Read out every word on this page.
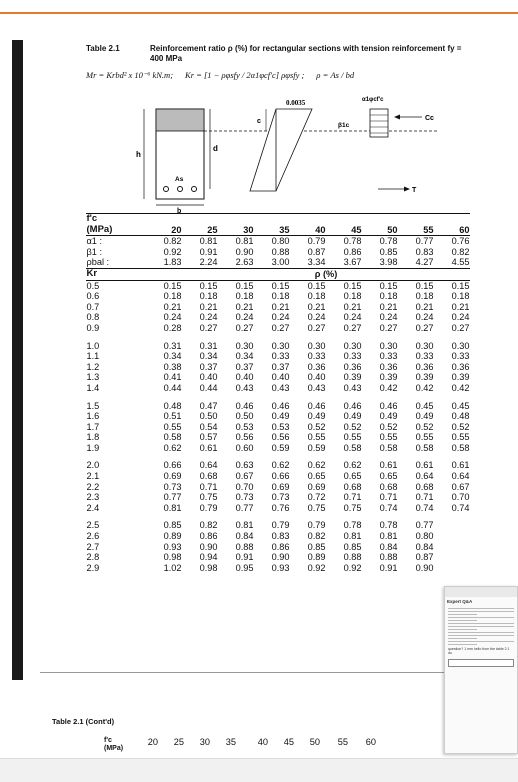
Table 2.1	Reinforcement ratio ρ (%) for rectangular sections with tension reinforcement fy = 400 MPa
Mr = Krbd² x 10⁻⁶ kN.m; Kr = [1 − ρφsfy / 2α1φcf'c] ρφsfy ; ρ = As / bd
h
d
As
b
0.0035
c
α1φcf'c
β1c
Cc
T
f'c									
(MPa)	20	25	30	35	40	45	50	55	60
α1 :	0.82	0.81	0.81	0.80	0.79	0.78	0.78	0.77	0.76
β1 :	0.92	0.91	0.90	0.88	0.87	0.86	0.85	0.83	0.82
ρbal :	1.83	2.24	2.63	3.00	3.34	3.67	3.98	4.27	4.55
Kr					ρ (%)				
0.5	0.15	0.15	0.15	0.15	0.15	0.15	0.15	0.15	0.15
0.6	0.18	0.18	0.18	0.18	0.18	0.18	0.18	0.18	0.18
0.7	0.21	0.21	0.21	0.21	0.21	0.21	0.21	0.21	0.21
0.8	0.24	0.24	0.24	0.24	0.24	0.24	0.24	0.24	0.24
0.9	0.28	0.27	0.27	0.27	0.27	0.27	0.27	0.27	0.27

1.0	0.31	0.31	0.30	0.30	0.30	0.30	0.30	0.30	0.30
1.1	0.34	0.34	0.34	0.33	0.33	0.33	0.33	0.33	0.33
1.2	0.38	0.37	0.37	0.37	0.36	0.36	0.36	0.36	0.36
1.3	0.41	0.40	0.40	0.40	0.40	0.39	0.39	0.39	0.39
1.4	0.44	0.44	0.43	0.43	0.43	0.43	0.42	0.42	0.42

1.5	0.48	0.47	0.46	0.46	0.46	0.46	0.46	0.45	0.45
1.6	0.51	0.50	0.50	0.49	0.49	0.49	0.49	0.49	0.48
1.7	0.55	0.54	0.53	0.53	0.52	0.52	0.52	0.52	0.52
1.8	0.58	0.57	0.56	0.56	0.55	0.55	0.55	0.55	0.55
1.9	0.62	0.61	0.60	0.59	0.59	0.58	0.58	0.58	0.58

2.0	0.66	0.64	0.63	0.62	0.62	0.62	0.61	0.61	0.61
2.1	0.69	0.68	0.67	0.66	0.65	0.65	0.65	0.64	0.64
2.2	0.73	0.71	0.70	0.69	0.69	0.68	0.68	0.68	0.67
2.3	0.77	0.75	0.73	0.73	0.72	0.71	0.71	0.71	0.70
2.4	0.81	0.79	0.77	0.76	0.75	0.75	0.74	0.74	0.74

2.5	0.85	0.82	0.81	0.79	0.79	0.78	0.78	0.77	
2.6	0.89	0.86	0.84	0.83	0.82	0.81	0.81	0.80	
2.7	0.93	0.90	0.88	0.86	0.85	0.85	0.84	0.84	
2.8	0.98	0.94	0.91	0.90	0.89	0.88	0.88	0.87	
2.9	1.02	0.98	0.95	0.93	0.92	0.92	0.91	0.90	
Table 2.1 (Cont'd)
f'c
(MPa)
20	25	30	35	40	45	50	55	60
Expert Q&A
question? 1 mm hello from the table 2.1 do
